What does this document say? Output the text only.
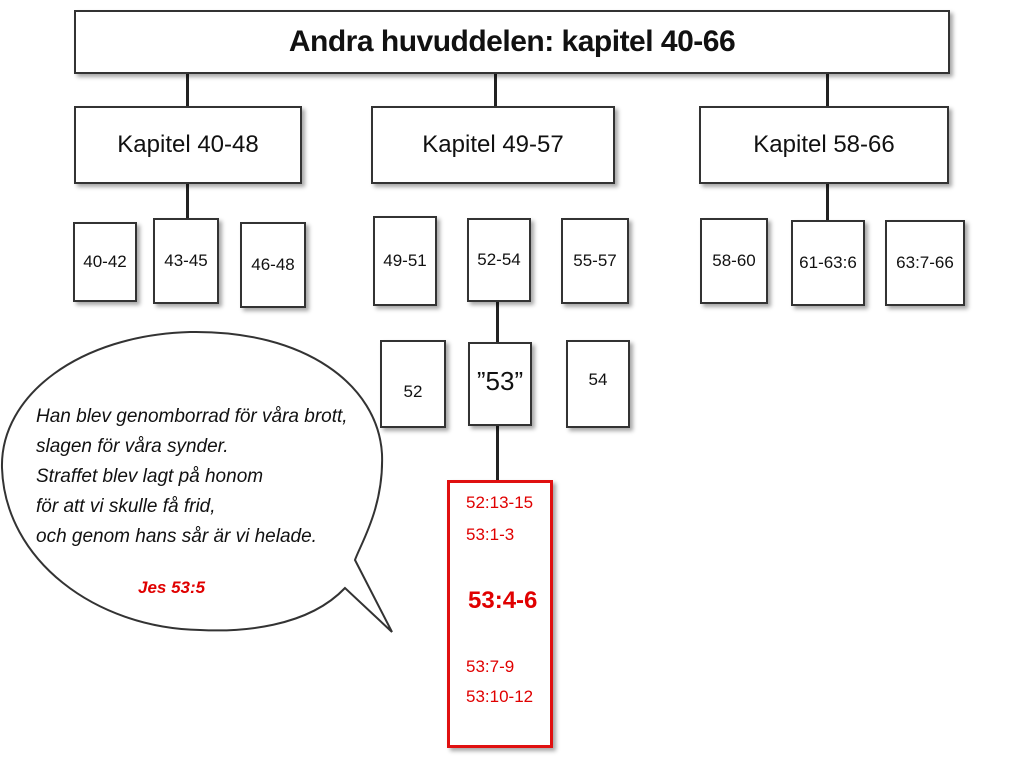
Andra huvuddelen: kapitel 40-66
Kapitel 40-48	Kapitel 49-57	Kapitel 58-66
40-42 43-45	46-48	49-51	52-54	55-57	58-60	61-63:6 63:7-66
52 ”53”	54
Han blev genomborrad för våra brott,
slagen för våra synder.
Straffet blev lagt på honom
för att vi skulle få frid,
och genom hans sår är vi helade.
Jes 53:5
52:13-15
53:1-3
53:4-6
53:7-9
53:10-12
